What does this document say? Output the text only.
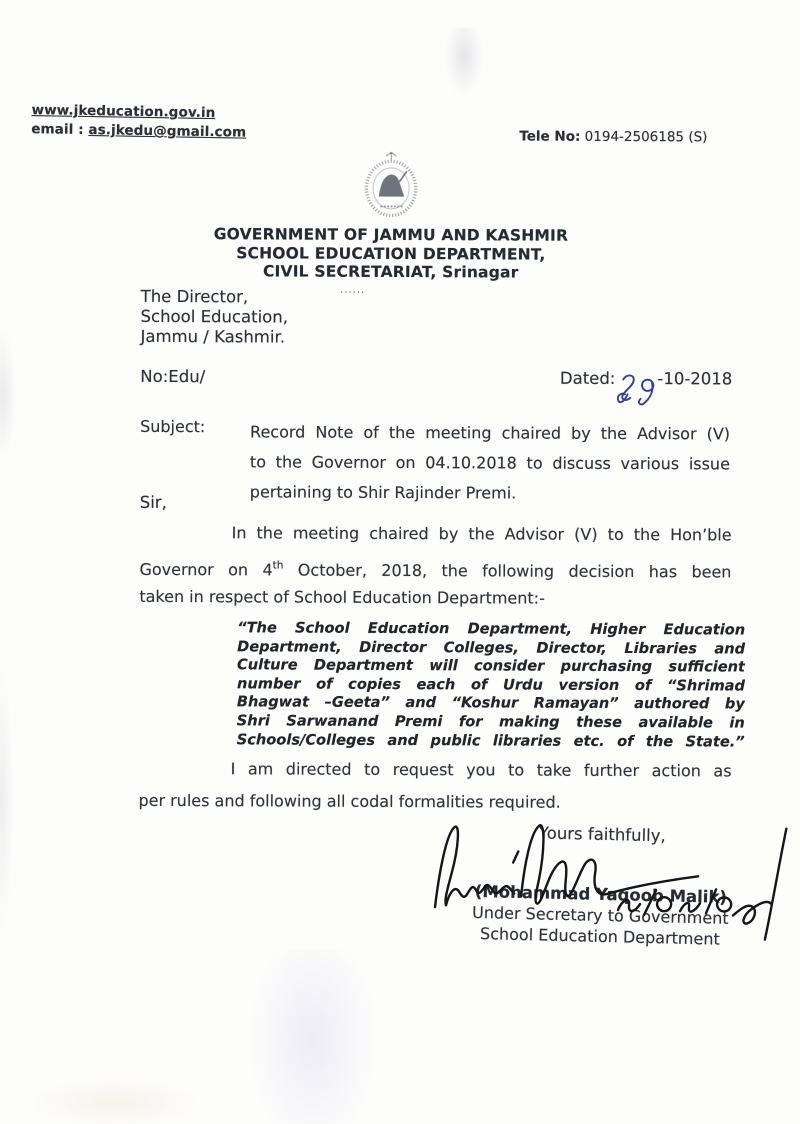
www.jkeducation.gov.in
email : as.jkedu@gmail.com	Tele No: 0194-2506185 (S)
GOVERNMENT OF JAMMU AND KASHMIR
SCHOOL EDUCATION DEPARTMENT,
CIVIL SECRETARIAT, Srinagar
......
The Director,
School Education,
Jammu / Kashmir.
No:Edu/	Dated:	-10-2018
Subject:	Record Note of the meeting chaired by the Advisor (V)
to the Governor on 04.10.2018 to discuss various issue
pertaining to Shir Rajinder Premi.
Sir,
In the meeting chaired by the Advisor (V) to the Hon’ble
Governor on 4th October, 2018, the following decision has been
taken in respect of School Education Department:-
“The School Education Department, Higher Education
Department, Director Colleges, Director, Libraries and
Culture Department will consider purchasing sufficient
number of copies each of Urdu version of “Shrimad
Bhagwat –Geeta” and “Koshur Ramayan” authored by
Shri Sarwanand Premi for making these available in
Schools/Colleges and public libraries etc. of the State.”
I am directed to request you to take further action as
per rules and following all codal formalities required.
Yours faithfully,
(Mohammad Yaqoob Malik)
Under Secretary to Government
School Education Department
